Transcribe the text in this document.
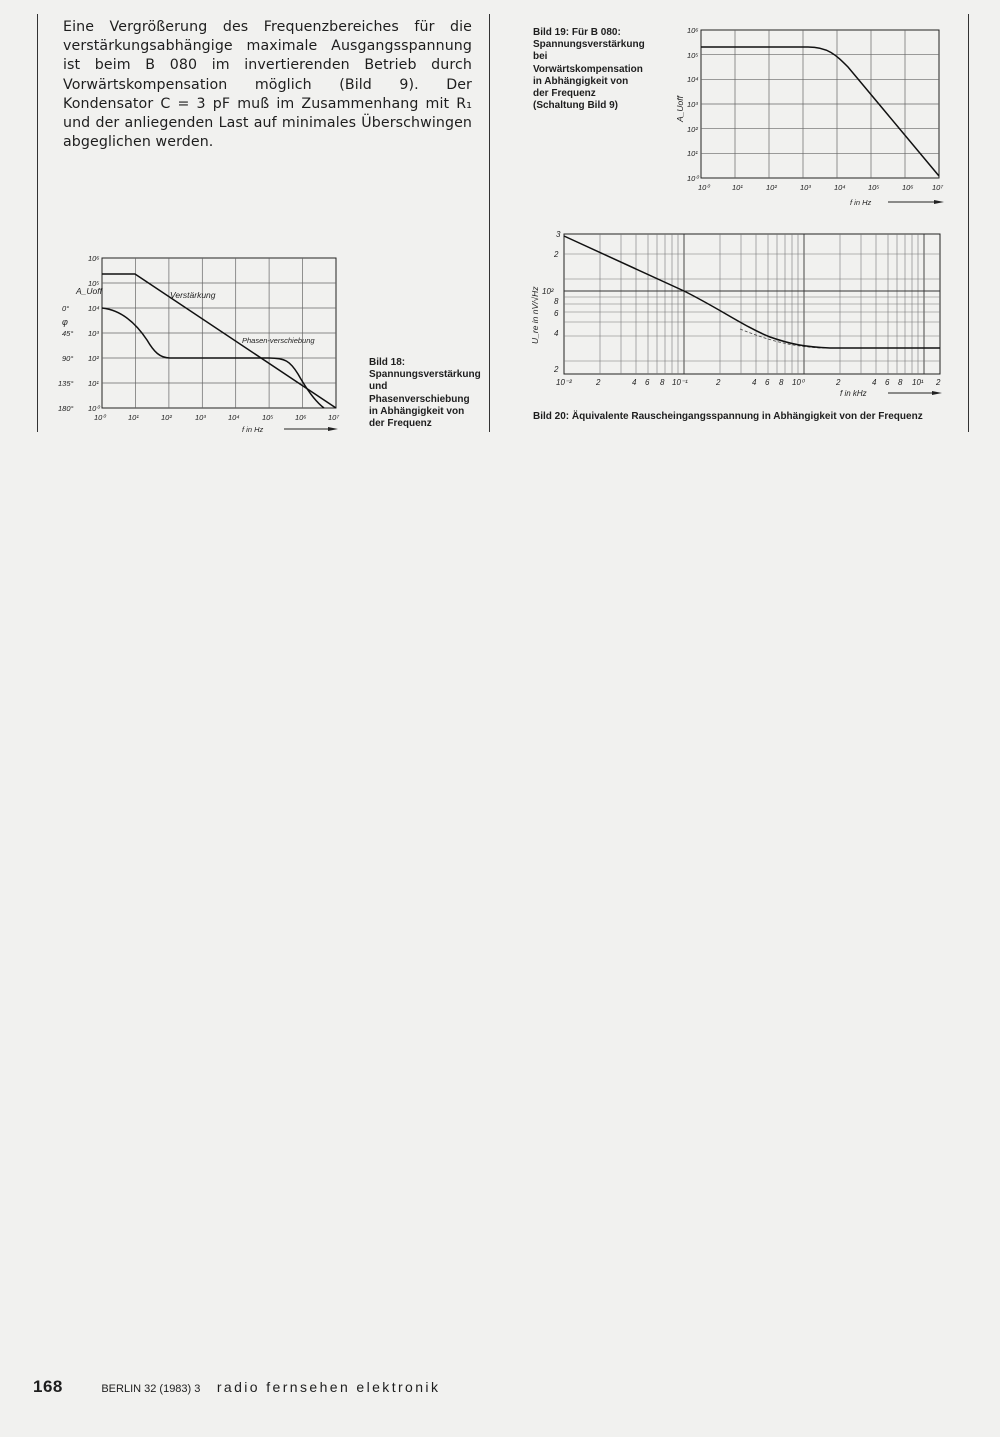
Eine Vergrößerung des Frequenzbereiches für die verstärkungsabhängige maximale Ausgangsspannung ist beim B 080 im invertierenden Betrieb durch Vorwärtskompensation möglich (Bild 9). Der Kondensator C = 3 pF muß im Zusammenhang mit R₁ und der anliegenden Last auf minimales Überschwingen abgeglichen werden.
10⁶
10⁵
10⁴
10³
10²
10¹
10⁰
0°
45°
90°
135°
180°
10⁰	10¹	10²	10³	10⁴	10⁵	10⁶	10⁷
A_Uoff
φ
Verstärkung
Phasen-verschiebung
f in Hz
Bild 18:
Spannungsverstärkung und Phasenverschiebung in Abhängigkeit von der Frequenz
Bild 19: Für B 080:
Spannungsverstärkung bei Vorwärtskompensation in Abhängigkeit von der Frequenz (Schaltung Bild 9)
10⁶
10⁵
10⁴
10³
10²
10¹
10⁰
10⁰	10¹	10²	10³	10⁴	10⁵	10⁶ 10⁷
A_Uoff
f in Hz
3
2
10²
8
6
4
2
10⁻²	2	4 6 8 10⁻¹	2	4 6 8 10⁰	2	4 6 8 10¹ 2
U_re in nV/√Hz
f in kHz
Bild 20: Äquivalente Rauscheingangsspannung in Abhängigkeit von der Frequenz
168	BERLIN 32 (1983) 3 radio fernsehen elektronik
